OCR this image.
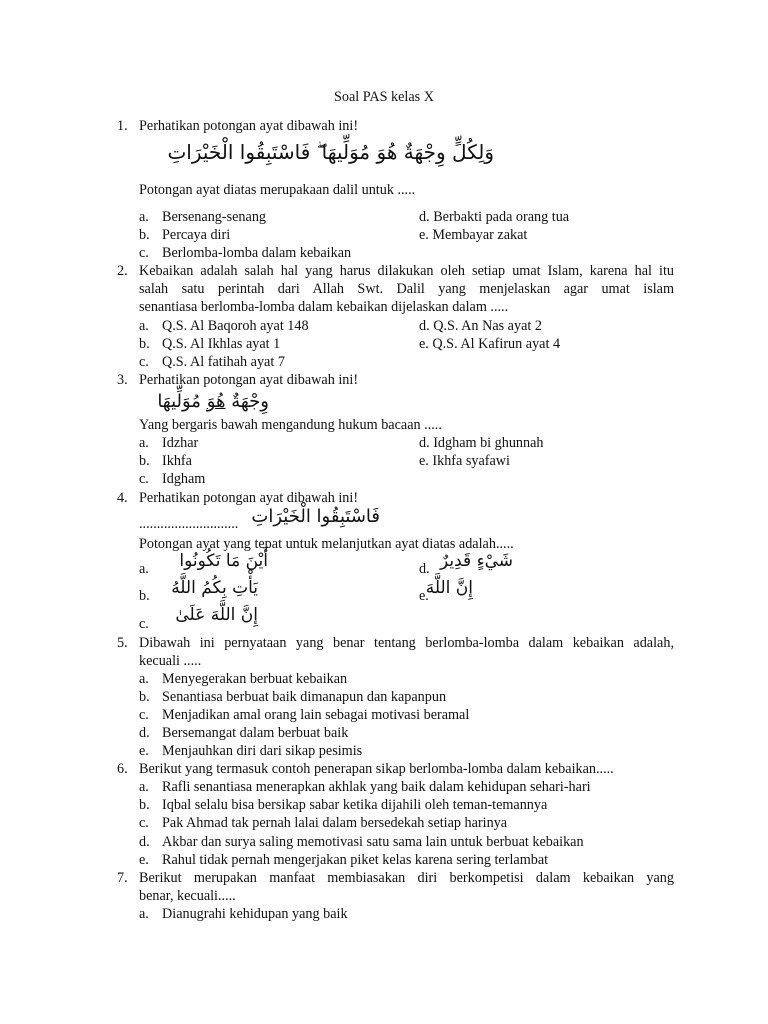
Soal PAS kelas X
1. Perhatikan potongan ayat dibawah ini!
وَلِكُلٍّ وِجْهَةٌ هُوَ مُوَلِّيهَا ۖ فَاسْتَبِقُوا الْخَيْرَاتِ
Potongan ayat diatas merupakaan dalil untuk .....
a. Bersenang-senang
b. Percaya diri
c. Berlomba-lomba dalam kebaikan
d. Berbakti pada orang tua
e. Membayar zakat
2. Kebaikan adalah salah hal yang harus dilakukan oleh setiap umat Islam, karena hal itu
salah satu perintah dari Allah Swt. Dalil yang menjelaskan agar umat islam
senantiasa berlomba-lomba dalam kebaikan dijelaskan dalam .....
a. Q.S. Al Baqoroh ayat 148
b. Q.S. Al Ikhlas ayat 1
c. Q.S. Al fatihah ayat 7
d. Q.S. An Nas ayat 2
e. Q.S. Al Kafirun ayat 4
3. Perhatikan potongan ayat dibawah ini!
وِجْهَةٌ هُوَ مُوَلِّيهَا
Yang bergaris bawah mengandung hukum bacaan .....
a. Idzhar
b. Ikhfa
c. Idgham
d. Idgham bi ghunnah
e. Ikhfa syafawi
4. Perhatikan potongan ayat dibawah ini!
............................ فَاسْتَبِقُوا الْخَيْرَاتِ
Potongan ayat yang tepat untuk melanjutkan ayat diatas adalah.....
a.	أَيْنَ مَا تَكُونُوا
b.	يَأْتِ بِكُمُ اللَّهُ
c.	إِنَّ اللَّهَ عَلَىٰ
d. شَيْءٍ قَدِيرٌ
e.
إِنَّ اللَّهَ
5. Dibawah ini pernyataan yang benar tentang berlomba-lomba dalam kebaikan adalah,
kecuali .....
a. Menyegerakan berbuat kebaikan
b. Senantiasa berbuat baik dimanapun dan kapanpun
c. Menjadikan amal orang lain sebagai motivasi beramal
d. Bersemangat dalam berbuat baik
e. Menjauhkan diri dari sikap pesimis
6. Berikut yang termasuk contoh penerapan sikap berlomba-lomba dalam kebaikan.....
a. Rafli senantiasa menerapkan akhlak yang baik dalam kehidupan sehari-hari
b. Iqbal selalu bisa bersikap sabar ketika dijahili oleh teman-temannya
c. Pak Ahmad tak pernah lalai dalam bersedekah setiap harinya
d. Akbar dan surya saling memotivasi satu sama lain untuk berbuat kebaikan
e. Rahul tidak pernah mengerjakan piket kelas karena sering terlambat
7. Berikut merupakan manfaat membiasakan diri berkompetisi dalam kebaikan yang
benar, kecuali.....
a. Dianugrahi kehidupan yang baik
